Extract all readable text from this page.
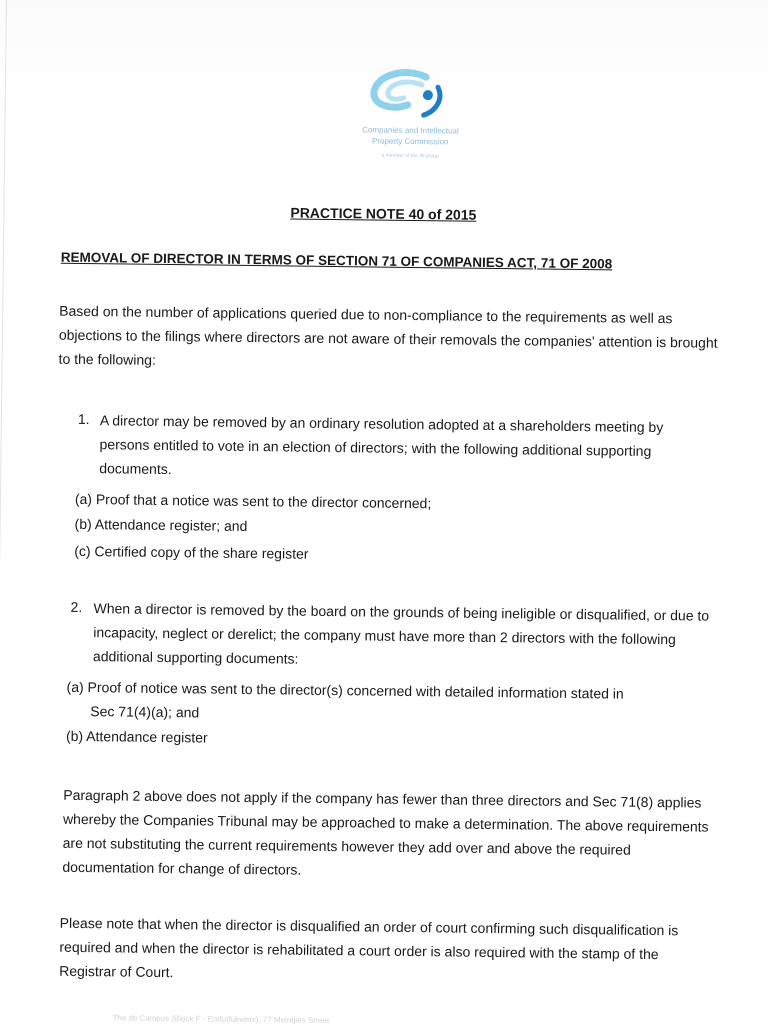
Companies and Intellectual
Property Commission
a member of the dti group
PRACTICE NOTE 40 of 2015
REMOVAL OF DIRECTOR IN TERMS OF SECTION 71 OF COMPANIES ACT, 71 OF 2008
Based on the number of applications queried due to non-compliance to the requirements as well as objections to the filings where directors are not aware of their removals the companies' attention is brought to the following:
1. A director may be removed by an ordinary resolution adopted at a shareholders meeting by persons entitled to vote in an election of directors; with the following additional supporting documents.
(a) Proof that a notice was sent to the director concerned;
(b) Attendance register; and
(c) Certified copy of the share register
2. When a director is removed by the board on the grounds of being ineligible or disqualified, or due to incapacity, neglect or derelict; the company must have more than 2 directors with the following additional supporting documents:
(a) Proof of notice was sent to the director(s) concerned with detailed information stated in
Sec 71(4)(a); and
(b) Attendance register
Paragraph 2 above does not apply if the company has fewer than three directors and Sec 71(8) applies whereby the Companies Tribunal may be approached to make a determination. The above requirements are not substituting the current requirements however they add over and above the required documentation for change of directors.
Please note that when the director is disqualified an order of court confirming such disqualification is required and when the director is rehabilitated a court order is also required with the stamp of the Registrar of Court.
The dti Campus (Block F - Entfutfukweni), 77 Meintjies Street
